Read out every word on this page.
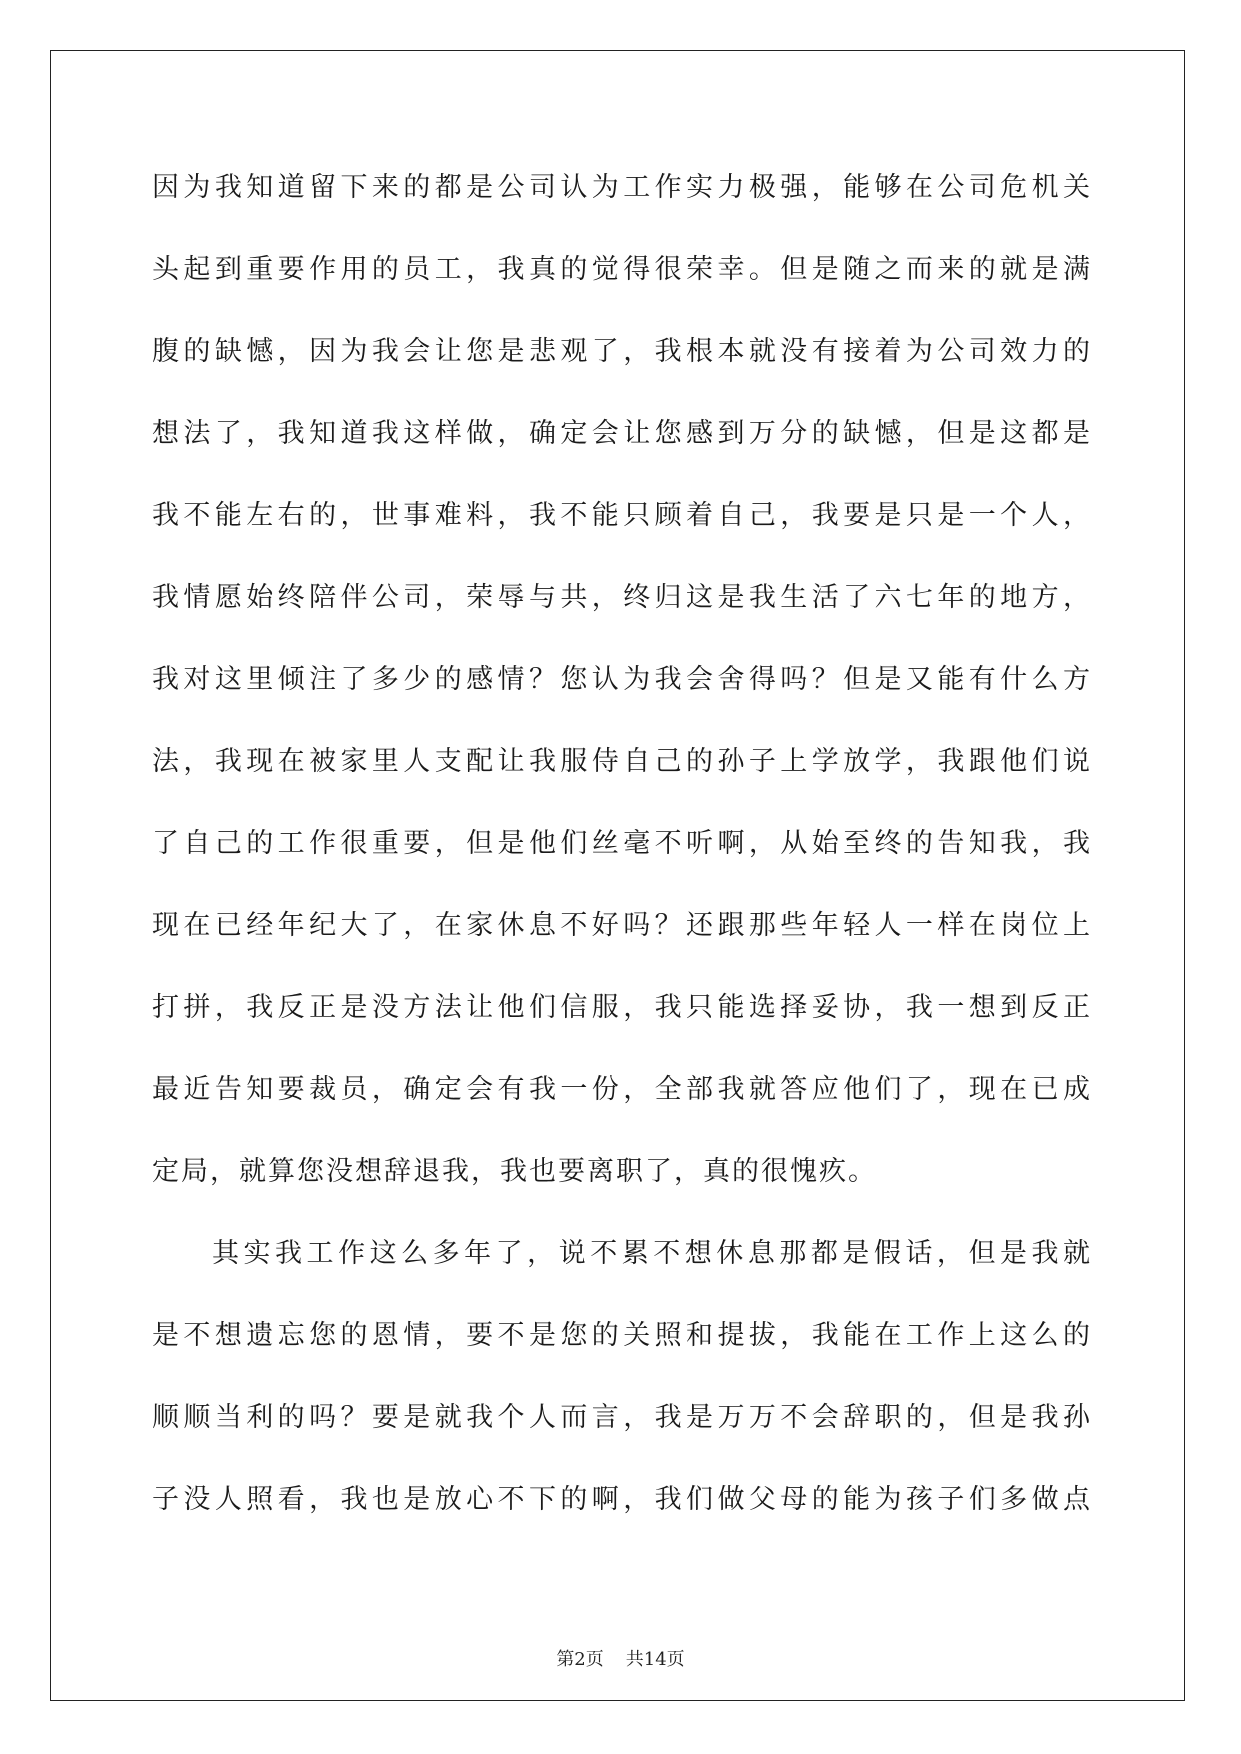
因为我知道留下来的都是公司认为工作实力极强，能够在公司危机关
头起到重要作用的员工，我真的觉得很荣幸。但是随之而来的就是满
腹的缺憾，因为我会让您是悲观了，我根本就没有接着为公司效力的
想法了，我知道我这样做，确定会让您感到万分的缺憾，但是这都是
我不能左右的，世事难料，我不能只顾着自己，我要是只是一个人，
我情愿始终陪伴公司，荣辱与共，终归这是我生活了六七年的地方，
我对这里倾注了多少的感情？您认为我会舍得吗？但是又能有什么方
法，我现在被家里人支配让我服侍自己的孙子上学放学，我跟他们说
了自己的工作很重要，但是他们丝毫不听啊，从始至终的告知我，我
现在已经年纪大了，在家休息不好吗？还跟那些年轻人一样在岗位上
打拼，我反正是没方法让他们信服，我只能选择妥协，我一想到反正
最近告知要裁员，确定会有我一份，全部我就答应他们了，现在已成
定局，就算您没想辞退我，我也要离职了，真的很愧疚。
其实我工作这么多年了，说不累不想休息那都是假话，但是我就
是不想遗忘您的恩情，要不是您的关照和提拔，我能在工作上这么的
顺顺当利的吗？要是就我个人而言，我是万万不会辞职的，但是我孙
子没人照看，我也是放心不下的啊，我们做父母的能为孩子们多做点
第2页 共14页
